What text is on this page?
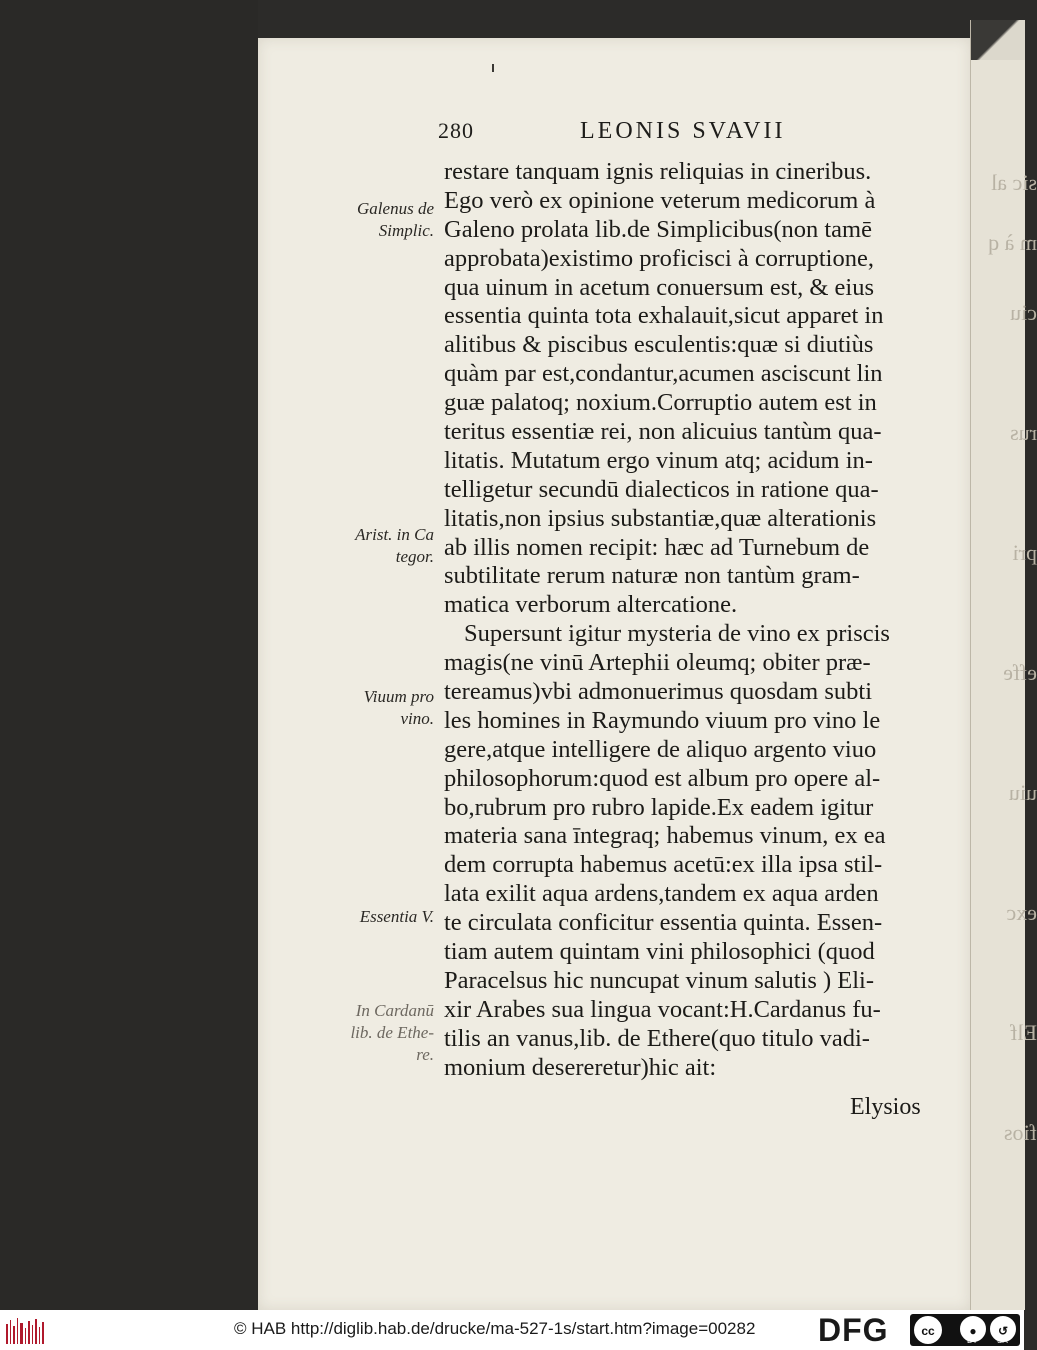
sic al
m à q
ciu
rus
pri
effe
uiu
exc
Elf
fios
280	LEONIS SVAVII
restare tanquam ignis reliquias in cineribus.
Ego verò ex opinione veterum medicorum à
Galeno prolata lib.de Simplicibus(non tamē
approbata)existimo proficisci à corruptione,
qua uinum in acetum conuersum est, & eius
essentia quinta tota exhalauit,sicut apparet in
alitibus & piscibus esculentis:quæ si diutiùs
quàm par est,condantur,acumen asciscunt lin
guæ palatoq; noxium.Corruptio autem est in
teritus essentiæ rei, non alicuius tantùm qua-
litatis. Mutatum ergo vinum atq; acidum in-
telligetur secundū dialecticos in ratione qua-
litatis,non ipsius substantiæ,quæ alterationis
ab illis nomen recipit: hæc ad Turnebum de
subtilitate rerum naturæ non tantùm gram-
matica verborum altercatione.
Supersunt igitur mysteria de vino ex priscis
magis(ne vinū Artephii oleumq; obiter præ-
tereamus)vbi admonuerimus quosdam subti
les homines in Raymundo viuum pro vino le
gere,atque intelligere de aliquo argento viuo
philosophorum:quod est album pro opere al-
bo,rubrum pro rubro lapide.Ex eadem igitur
materia sana īntegraq; habemus vinum, ex ea
dem corrupta habemus acetū:ex illa ipsa stil-
lata exilit aqua ardens,tandem ex aqua arden
te circulata conficitur essentia quinta. Essen-
tiam autem quintam vini philosophici (quod
Paracelsus hic nuncupat vinum salutis ) Eli-
xir Arabes sua lingua vocant:H.Cardanus fu-
tilis an vanus,lib. de Ethere(quo titulo vadi-
monium desereretur)hic ait:
Elysios
Galenus de
Simplic.
Arist. in Ca
tegor.
Viuum pro
vino.
Essentia V.
In Cardanū
lib. de Ethe-
re.
© HAB http://diglib.hab.de/drucke/ma-527-1s/start.htm?image=00282 DFG	cc	●	↺
BY SA
